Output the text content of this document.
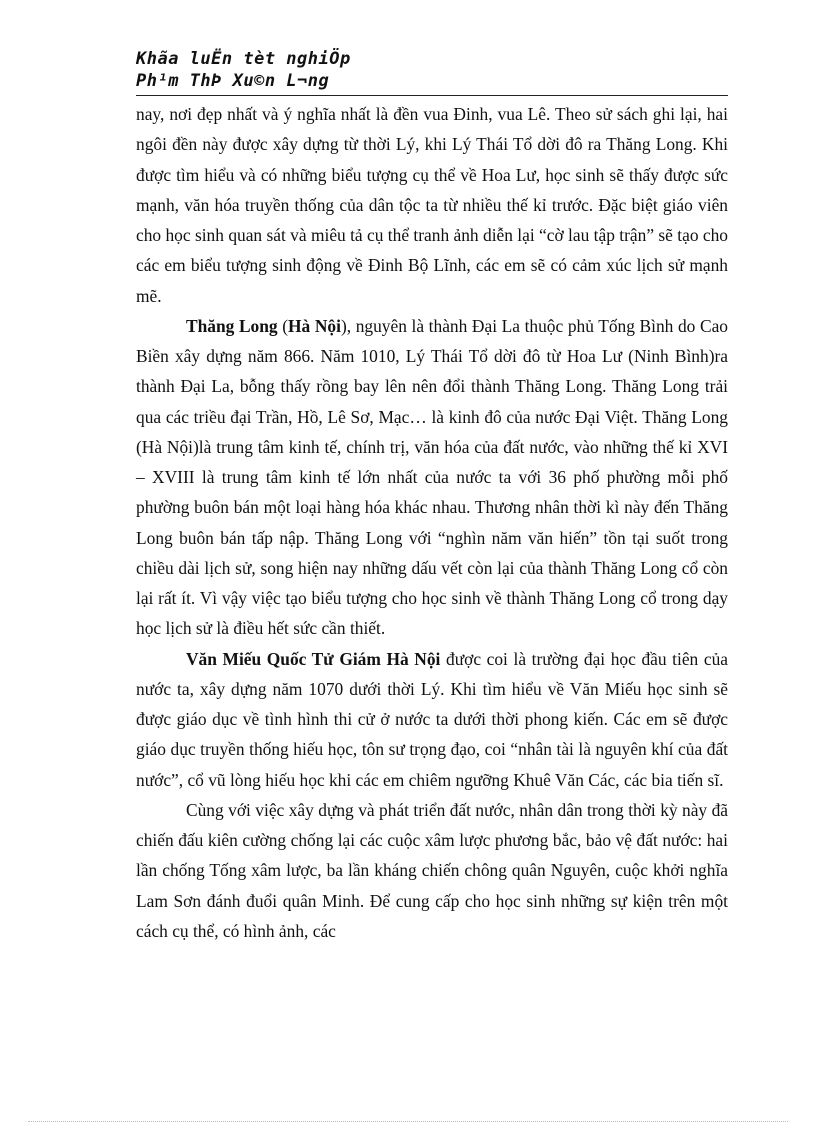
Khãa luËn tèt nghiÖp
Ph¹m ThÞ Xu©n L¬ng

nay, nơi đẹp nhất và ý nghĩa nhất là đền vua Đinh, vua Lê. Theo sử sách ghi lại, hai ngôi đền này được xây dựng từ thời Lý, khi Lý Thái Tổ dời đô ra Thăng Long. Khi được tìm hiểu và có những biểu tượng cụ thể về Hoa Lư, học sinh sẽ thấy được sức mạnh, văn hóa truyền thống của dân tộc ta từ nhiều thế kỉ trước. Đặc biệt giáo viên cho học sinh quan sát và miêu tả cụ thể tranh ảnh diễn lại “cờ lau tập trận” sẽ tạo cho các em biểu tượng sinh động về Đinh Bộ Lĩnh, các em sẽ có cảm xúc lịch sử mạnh mẽ.

Thăng Long (Hà Nội), nguyên là thành Đại La thuộc phủ Tống Bình do Cao Biền xây dựng năm 866. Năm 1010, Lý Thái Tổ dời đô từ Hoa Lư (Ninh Bình)ra thành Đại La, bỗng thấy rồng bay lên nên đổi thành Thăng Long. Thăng Long trải qua các triều đại Trần, Hồ, Lê Sơ, Mạc… là kinh đô của nước Đại Việt. Thăng Long (Hà Nội)là trung tâm kinh tế, chính trị, văn hóa của đất nước, vào những thế kỉ XVI – XVIII là trung tâm kinh tế lớn nhất của nước ta với 36 phố phường mỗi phố phường buôn bán một loại hàng hóa khác nhau. Thương nhân thời kì này đến Thăng Long buôn bán tấp nập. Thăng Long với “nghìn năm văn hiến” tồn tại suốt trong chiều dài lịch sử, song hiện nay những dấu vết còn lại của thành Thăng Long cổ còn lại rất ít. Vì vậy việc tạo biểu tượng cho học sinh về thành Thăng Long cổ trong dạy học lịch sử là điều hết sức cần thiết.

Văn Miếu Quốc Tử Giám Hà Nội được coi là trường đại học đầu tiên của nước ta, xây dựng năm 1070 dưới thời Lý. Khi tìm hiểu về Văn Miếu học sinh sẽ được giáo dục về tình hình thi cử ở nước ta dưới thời phong kiến. Các em sẽ được giáo dục truyền thống hiếu học, tôn sư trọng đạo, coi “nhân tài là nguyên khí của đất nước”, cổ vũ lòng hiếu học khi các em chiêm ngưỡng Khuê Văn Các, các bia tiến sĩ.

Cùng với việc xây dựng và phát triển đất nước, nhân dân trong thời kỳ này đã chiến đấu kiên cường chống lại các cuộc xâm lược phương bắc, bảo vệ đất nước: hai lần chống Tống xâm lược, ba lần kháng chiến chông quân Nguyên, cuộc khởi nghĩa Lam Sơn đánh đuổi quân Minh. Để cung cấp cho học sinh những sự kiện trên một cách cụ thể, có hình ảnh, các
